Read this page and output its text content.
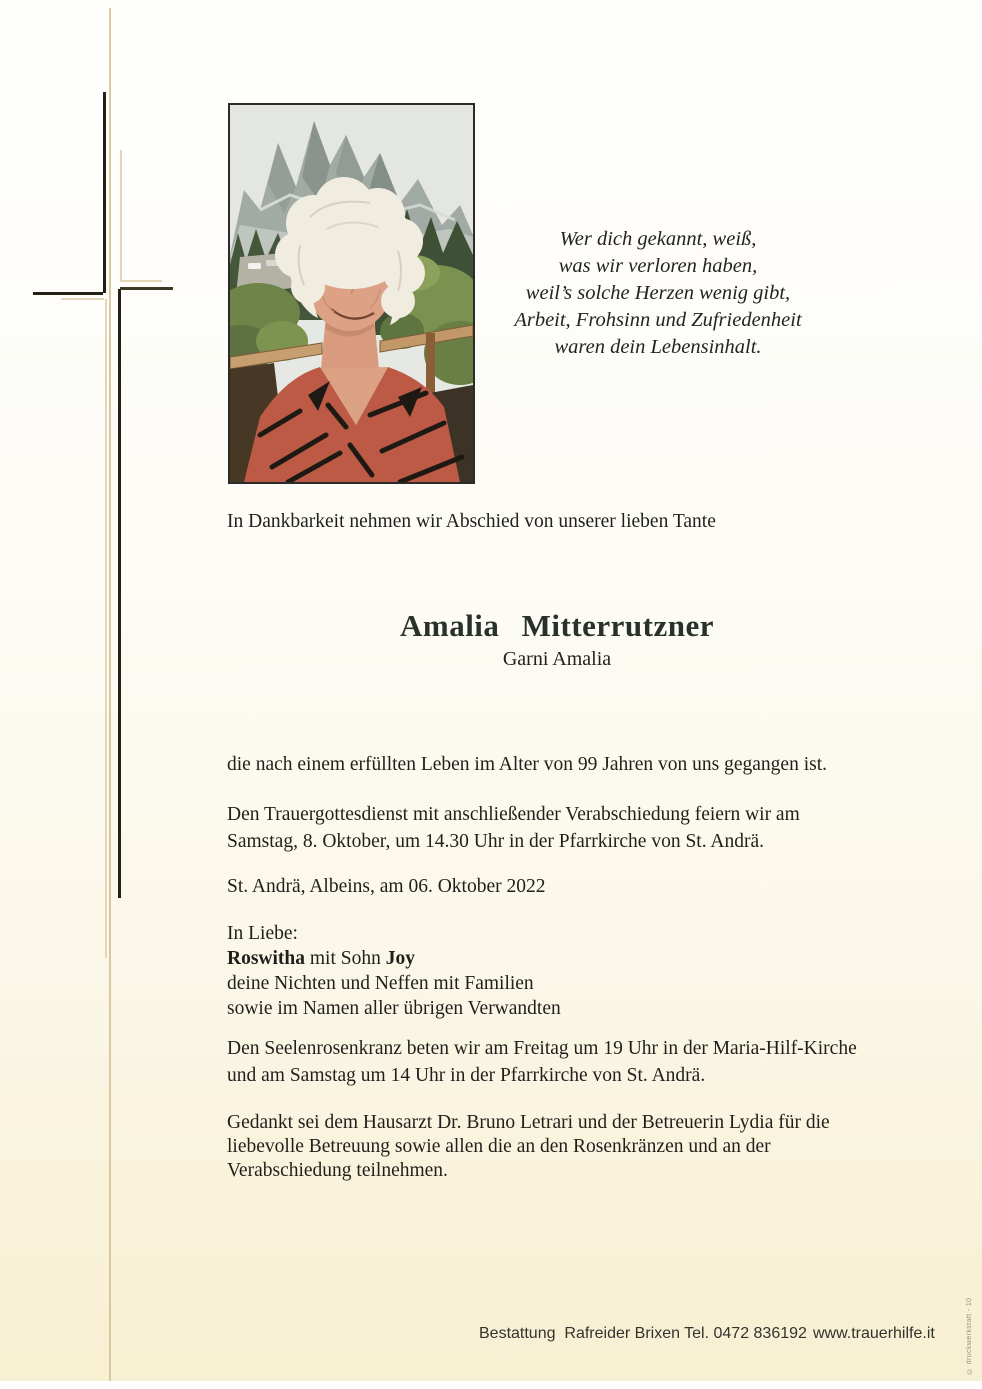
Wer dich gekannt, weiß,
was wir verloren haben,
weil’s solche Herzen wenig gibt,
Arbeit, Frohsinn und Zufriedenheit
waren dein Lebensinhalt.
In Dankbarkeit nehmen wir Abschied von unserer lieben Tante
Amalia Mitterrutzner
Garni Amalia
die nach einem erfüllten Leben im Alter von 99 Jahren von uns gegangen ist.
Den Trauergottesdienst mit anschließender Verabschiedung feiern wir am
Samstag, 8. Oktober, um 14.30 Uhr in der Pfarrkirche von St. Andrä.
St. Andrä, Albeins, am 06. Oktober 2022
In Liebe:
Roswitha mit Sohn Joy
deine Nichten und Neffen mit Familien
sowie im Namen aller übrigen Verwandten
Den Seelenrosenkranz beten wir am Freitag um 19 Uhr in der Maria-Hilf-Kirche
und am Samstag um 14 Uhr in der Pfarrkirche von St. Andrä.
Gedankt sei dem Hausarzt Dr. Bruno Letrari und der Betreuerin Lydia für die
liebevolle Betreuung sowie allen die an den Rosenkränzen und an der
Verabschiedung teilnehmen.
Bestattung  Rafreider Brixen Tel. 0472 836192 www.trauerhilfe.it	© druckwerkstatt - 10
